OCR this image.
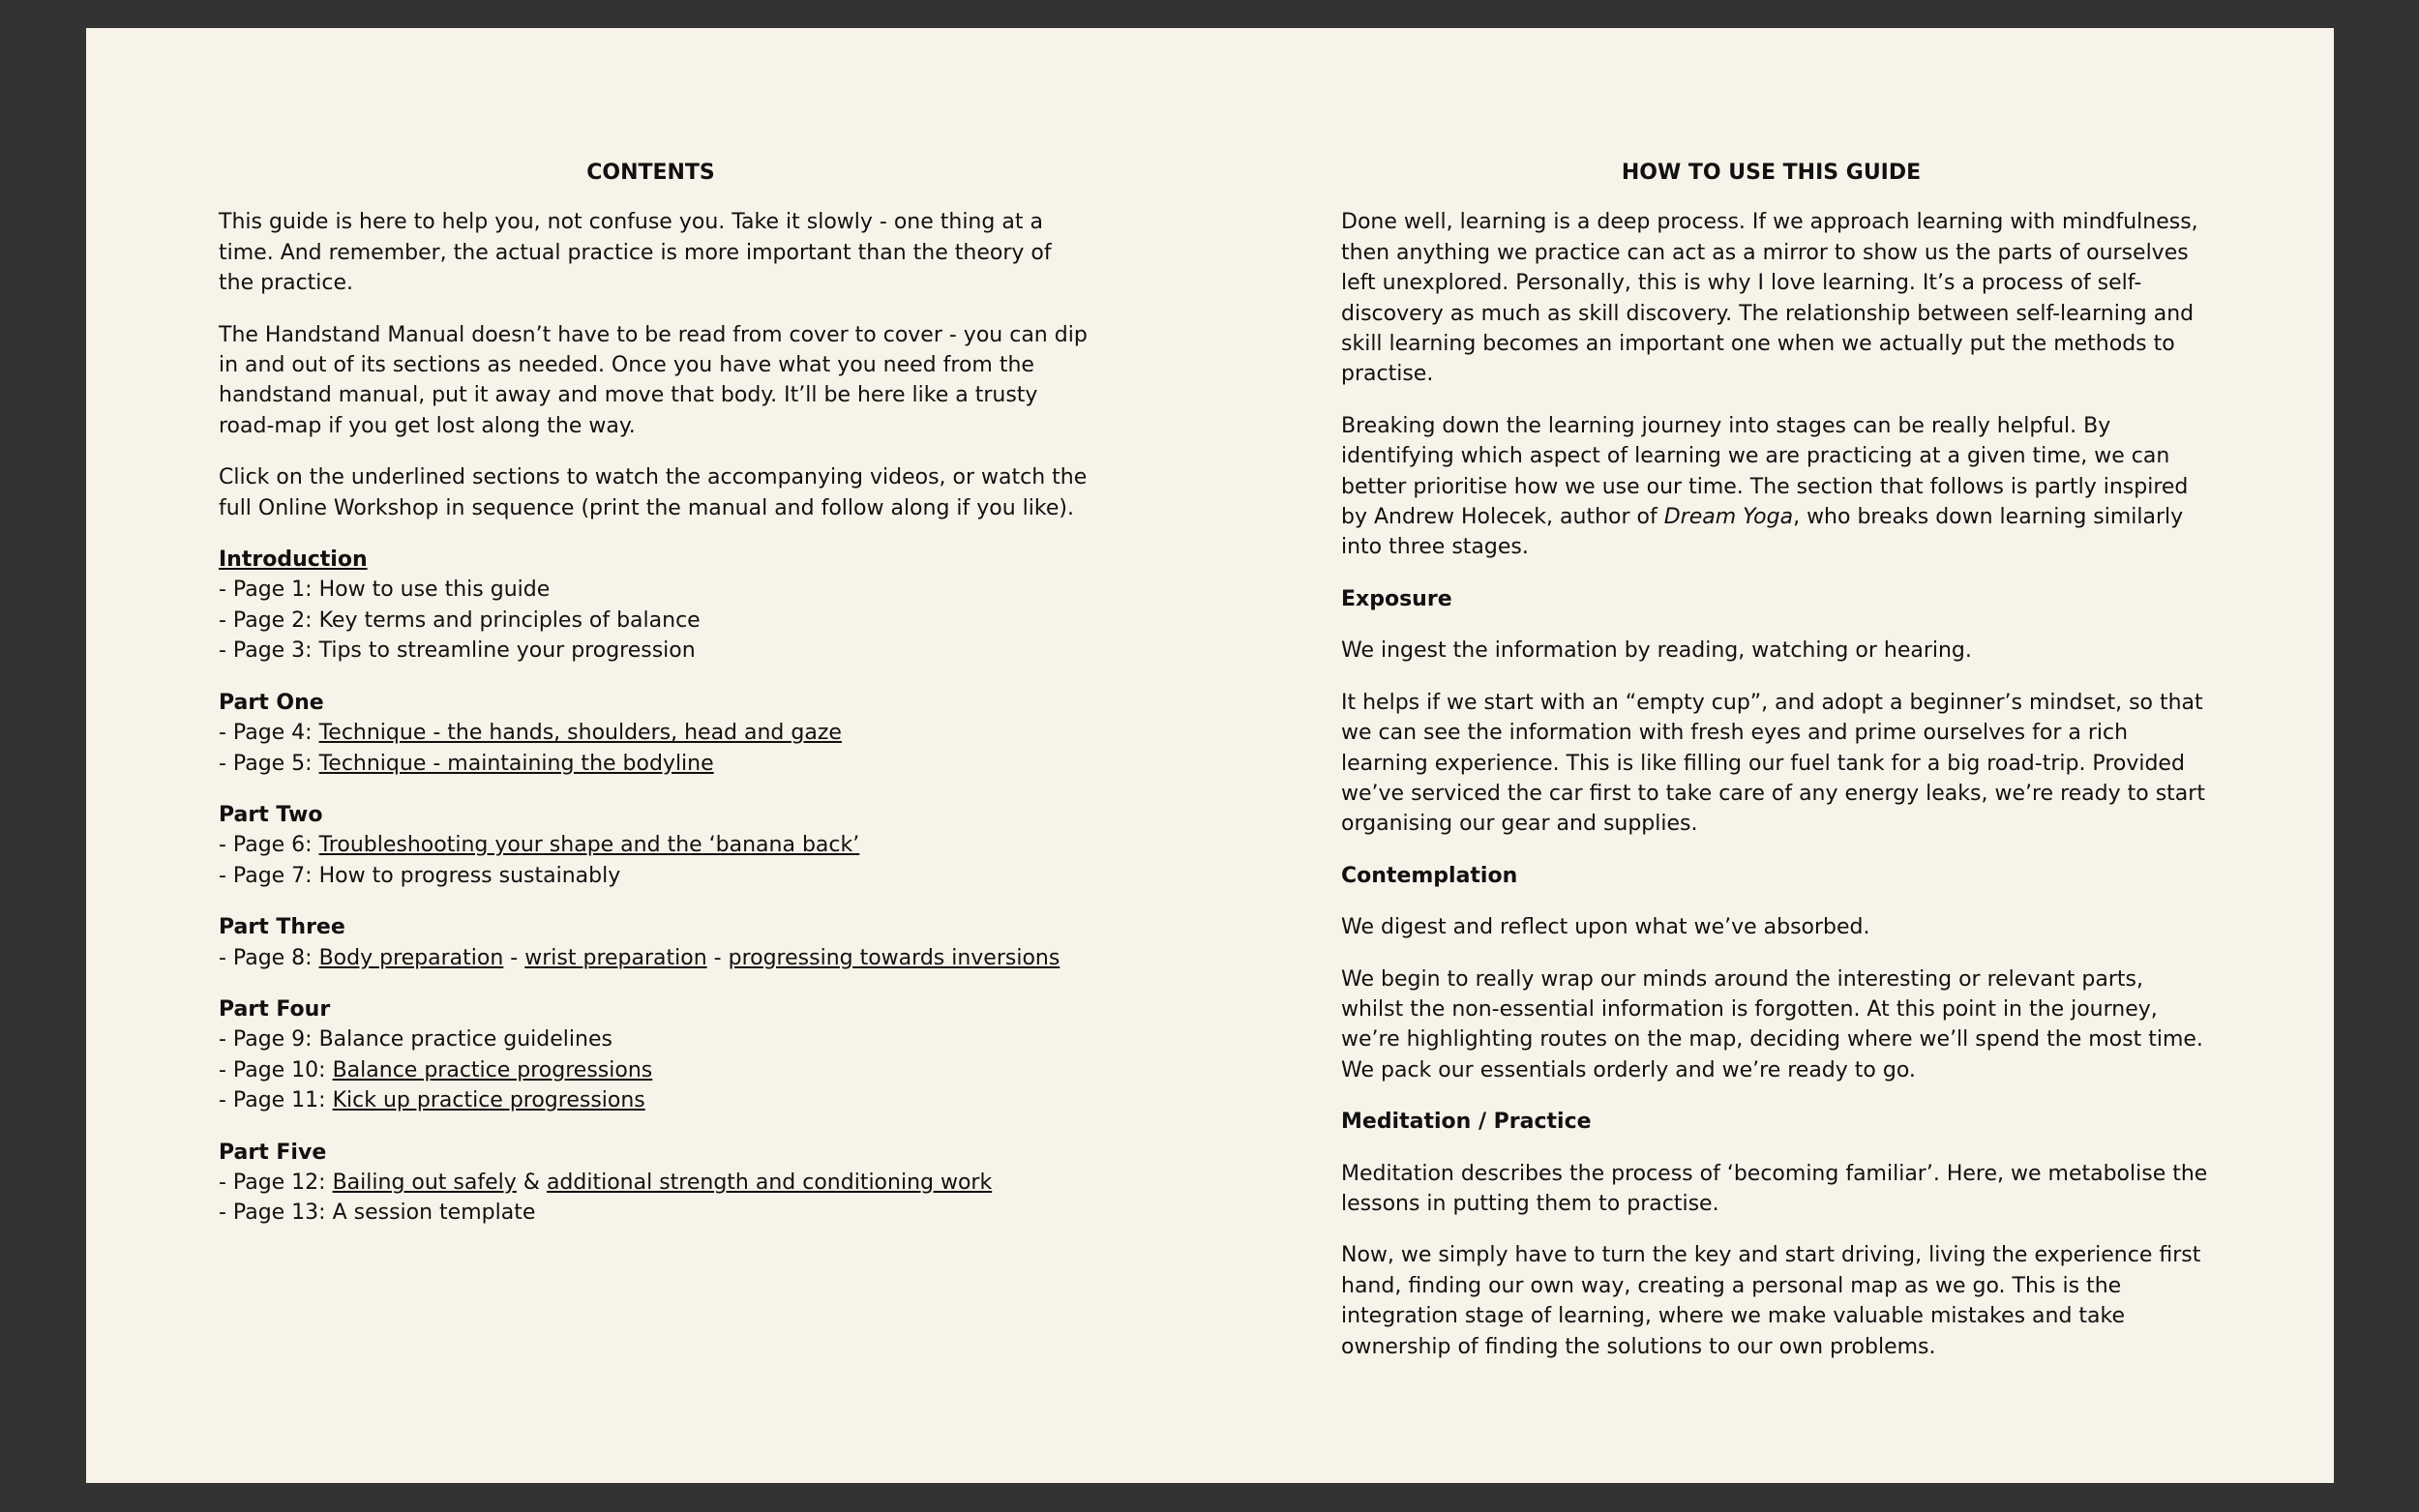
CONTENTS

This guide is here to help you, not confuse you. Take it slowly - one thing at a time. And remember, the actual practice is more important than the theory of the practice.

The Handstand Manual doesn’t have to be read from cover to cover - you can dip in and out of its sections as needed. Once you have what you need from the handstand manual, put it away and move that body. It’ll be here like a trusty road-map if you get lost along the way.

Click on the underlined sections to watch the accompanying videos, or watch the full Online Workshop in sequence (print the manual and follow along if you like).

Introduction
- Page 1: How to use this guide
- Page 2: Key terms and principles of balance
- Page 3: Tips to streamline your progression
Part One
- Page 4: Technique - the hands, shoulders, head and gaze
- Page 5: Technique - maintaining the bodyline
Part Two
- Page 6: Troubleshooting your shape and the ‘banana back’
- Page 7: How to progress sustainably
Part Three
- Page 8: Body preparation - wrist preparation - progressing towards inversions
Part Four
- Page 9: Balance practice guidelines
- Page 10: Balance practice progressions
- Page 11: Kick up practice progressions
Part Five
- Page 12: Bailing out safely & additional strength and conditioning work
- Page 13: A session template
HOW TO USE THIS GUIDE

Done well, learning is a deep process. If we approach learning with mindfulness, then anything we practice can act as a mirror to show us the parts of ourselves left unexplored. Personally, this is why I love learning. It’s a process of self-discovery as much as skill discovery. The relationship between self-learning and skill learning becomes an important one when we actually put the methods to practise.

Breaking down the learning journey into stages can be really helpful. By identifying which aspect of learning we are practicing at a given time, we can better prioritise how we use our time. The section that follows is partly inspired by Andrew Holecek, author of Dream Yoga, who breaks down learning similarly into three stages.

Exposure

We ingest the information by reading, watching or hearing.

It helps if we start with an “empty cup”, and adopt a beginner’s mindset, so that we can see the information with fresh eyes and prime ourselves for a rich learning experience. This is like filling our fuel tank for a big road-trip. Provided we’ve serviced the car first to take care of any energy leaks, we’re ready to start organising our gear and supplies.

Contemplation

We digest and reflect upon what we’ve absorbed.

We begin to really wrap our minds around the interesting or relevant parts, whilst the non-essential information is forgotten. At this point in the journey, we’re highlighting routes on the map, deciding where we’ll spend the most time. We pack our essentials orderly and we’re ready to go.

Meditation / Practice

Meditation describes the process of ‘becoming familiar’. Here, we metabolise the lessons in putting them to practise.

Now, we simply have to turn the key and start driving, living the experience first hand, finding our own way, creating a personal map as we go. This is the integration stage of learning, where we make valuable mistakes and take ownership of finding the solutions to our own problems.
